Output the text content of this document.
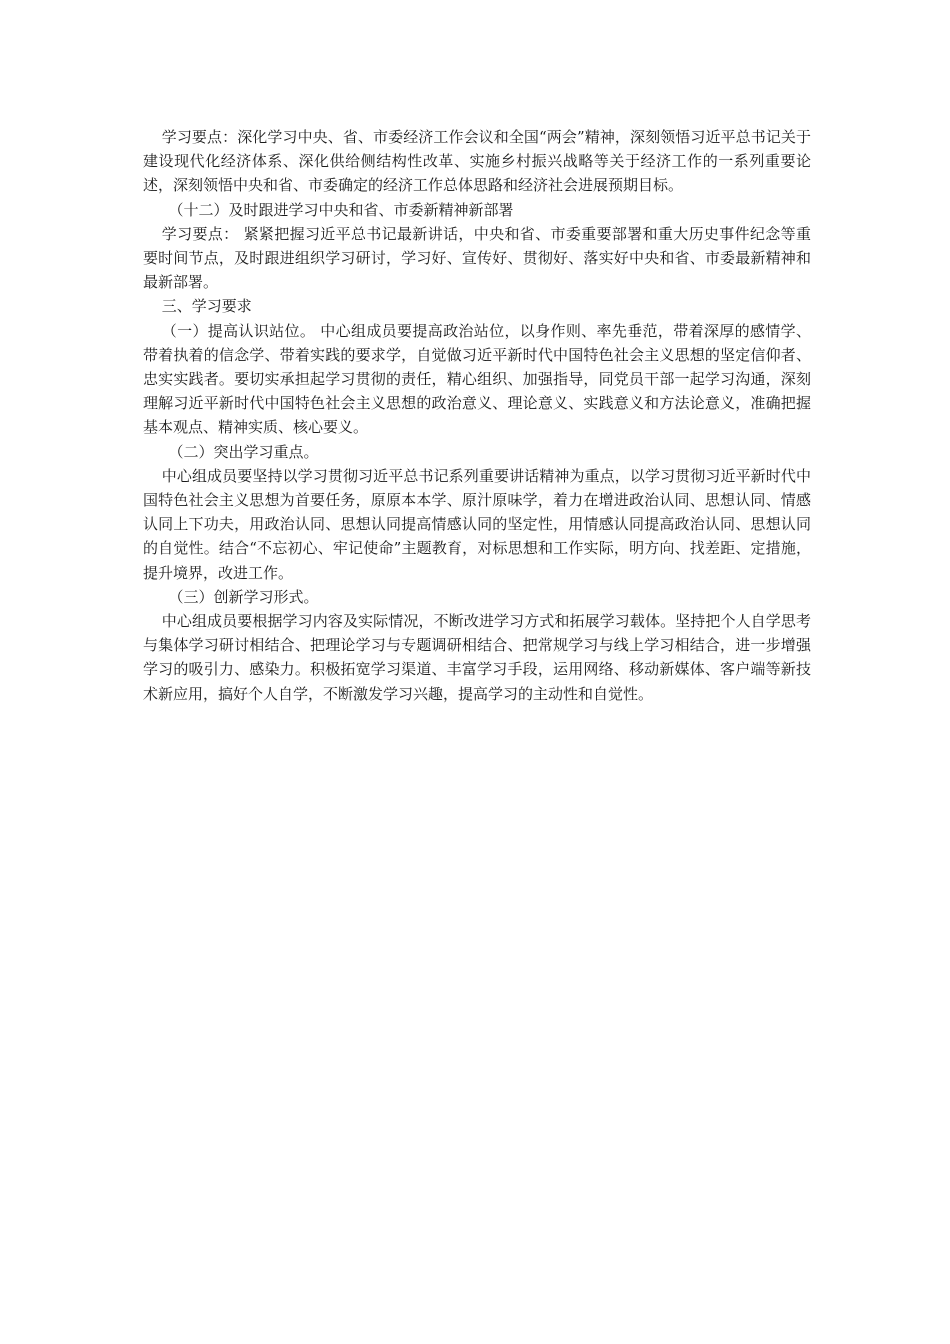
学习要点：深化学习中央、省、市委经济工作会议和全国“两会”精神，深刻领悟习近平总书记关于建设现代化经济体系、深化供给侧结构性改革、实施乡村振兴战略等关于经济工作的一系列重要论述，深刻领悟中央和省、市委确定的经济工作总体思路和经济社会进展预期目标。

（十二）及时跟进学习中央和省、市委新精神新部署

学习要点： 紧紧把握习近平总书记最新讲话，中央和省、市委重要部署和重大历史事件纪念等重要时间节点，及时跟进组织学习研讨，学习好、宣传好、贯彻好、落实好中央和省、市委最新精神和最新部署。

三、学习要求

（一）提高认识站位。 中心组成员要提高政治站位，以身作则、率先垂范，带着深厚的感情学、带着执着的信念学、带着实践的要求学，自觉做习近平新时代中国特色社会主义思想的坚定信仰者、忠实实践者。要切实承担起学习贯彻的责任，精心组织、加强指导，同党员干部一起学习沟通，深刻理解习近平新时代中国特色社会主义思想的政治意义、理论意义、实践意义和方法论意义，准确把握基本观点、精神实质、核心要义。

（二）突出学习重点。

中心组成员要坚持以学习贯彻习近平总书记系列重要讲话精神为重点，以学习贯彻习近平新时代中国特色社会主义思想为首要任务，原原本本学、原汁原味学，着力在增进政治认同、思想认同、情感认同上下功夫，用政治认同、思想认同提高情感认同的坚定性，用情感认同提高政治认同、思想认同的自觉性。结合“不忘初心、牢记使命”主题教育，对标思想和工作实际，明方向、找差距、定措施，提升境界，改进工作。

（三）创新学习形式。

中心组成员要根据学习内容及实际情况，不断改进学习方式和拓展学习载体。坚持把个人自学思考与集体学习研讨相结合、把理论学习与专题调研相结合、把常规学习与线上学习相结合，进一步增强学习的吸引力、感染力。积极拓宽学习渠道、丰富学习手段，运用网络、移动新媒体、客户端等新技术新应用，搞好个人自学，不断激发学习兴趣，提高学习的主动性和自觉性。
